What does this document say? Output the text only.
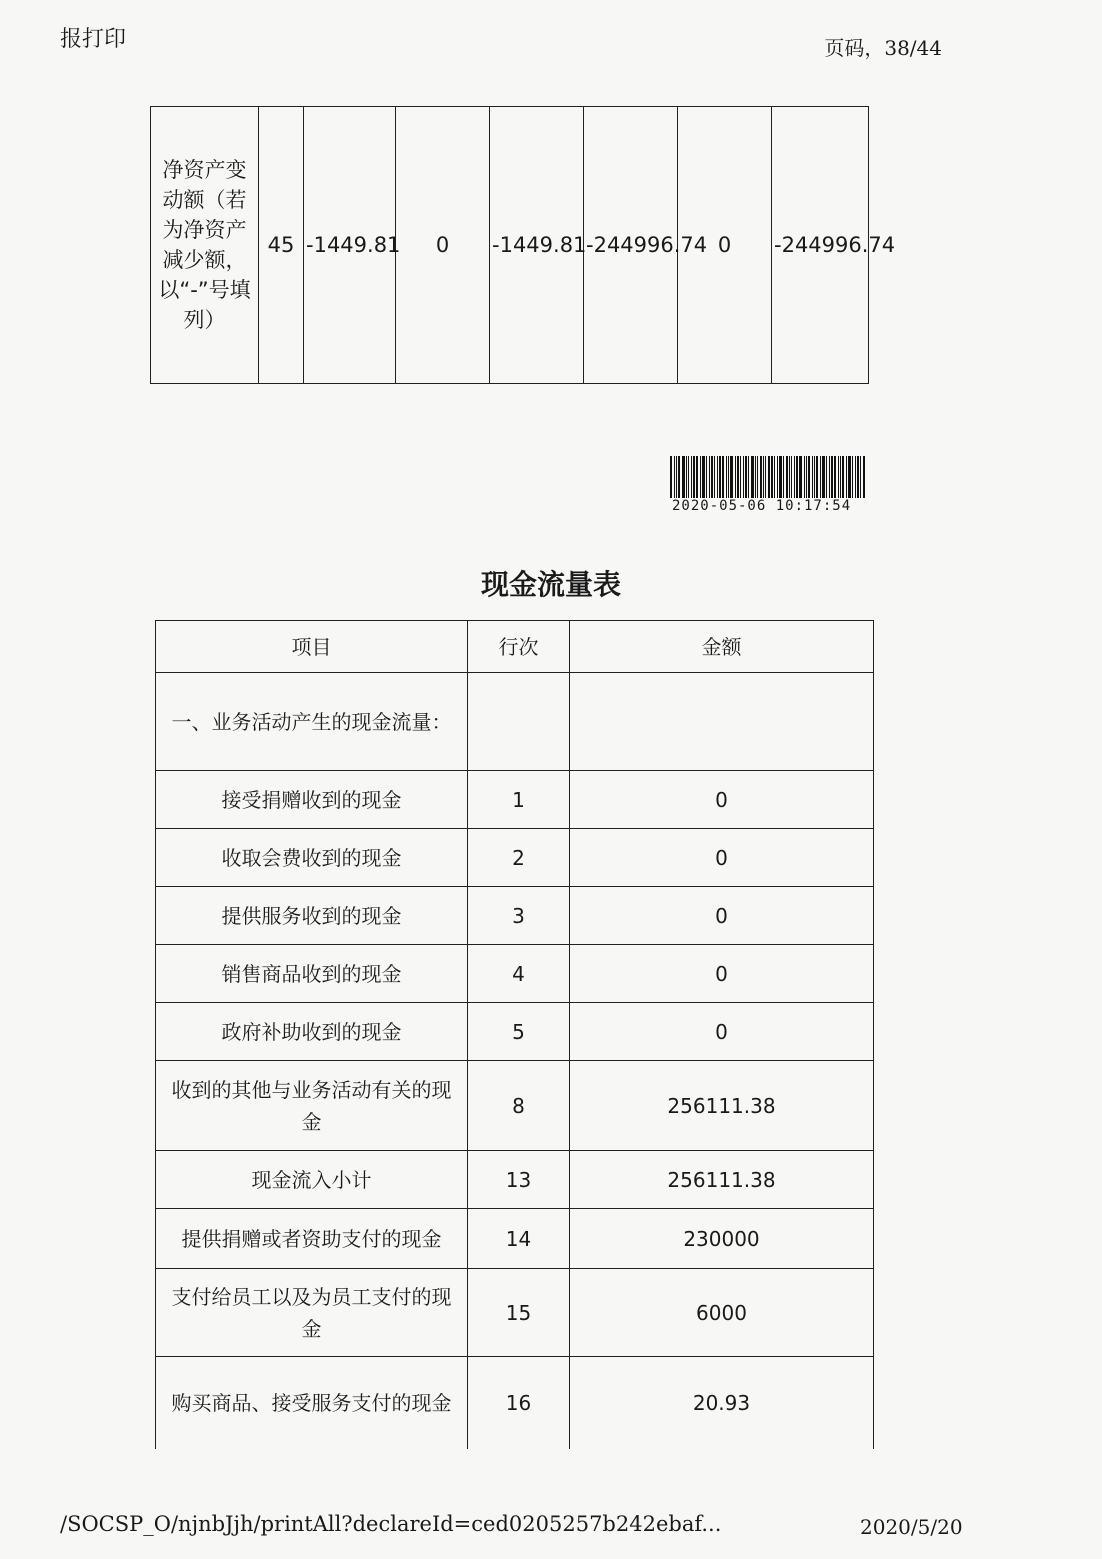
报打印	页码，38/44
净资产变动额（若为净资产减少额，以“-”号填列）	45	-1449.81	0	-1449.81	-244996.74	0	-244996.74
2020-05-06 10:17:54
现金流量表
项目	行次	金额
一、业务活动产生的现金流量：		
接受捐赠收到的现金	1	0
收取会费收到的现金	2	0
提供服务收到的现金	3	0
销售商品收到的现金	4	0
政府补助收到的现金	5	0
收到的其他与业务活动有关的现金	8	256111.38
现金流入小计	13	256111.38
提供捐赠或者资助支付的现金	14	230000
支付给员工以及为员工支付的现金	15	6000
购买商品、接受服务支付的现金	16	20.93
/SOCSP_O/njnbJjh/printAll?declareId=ced0205257b242ebaf...	2020/5/20
